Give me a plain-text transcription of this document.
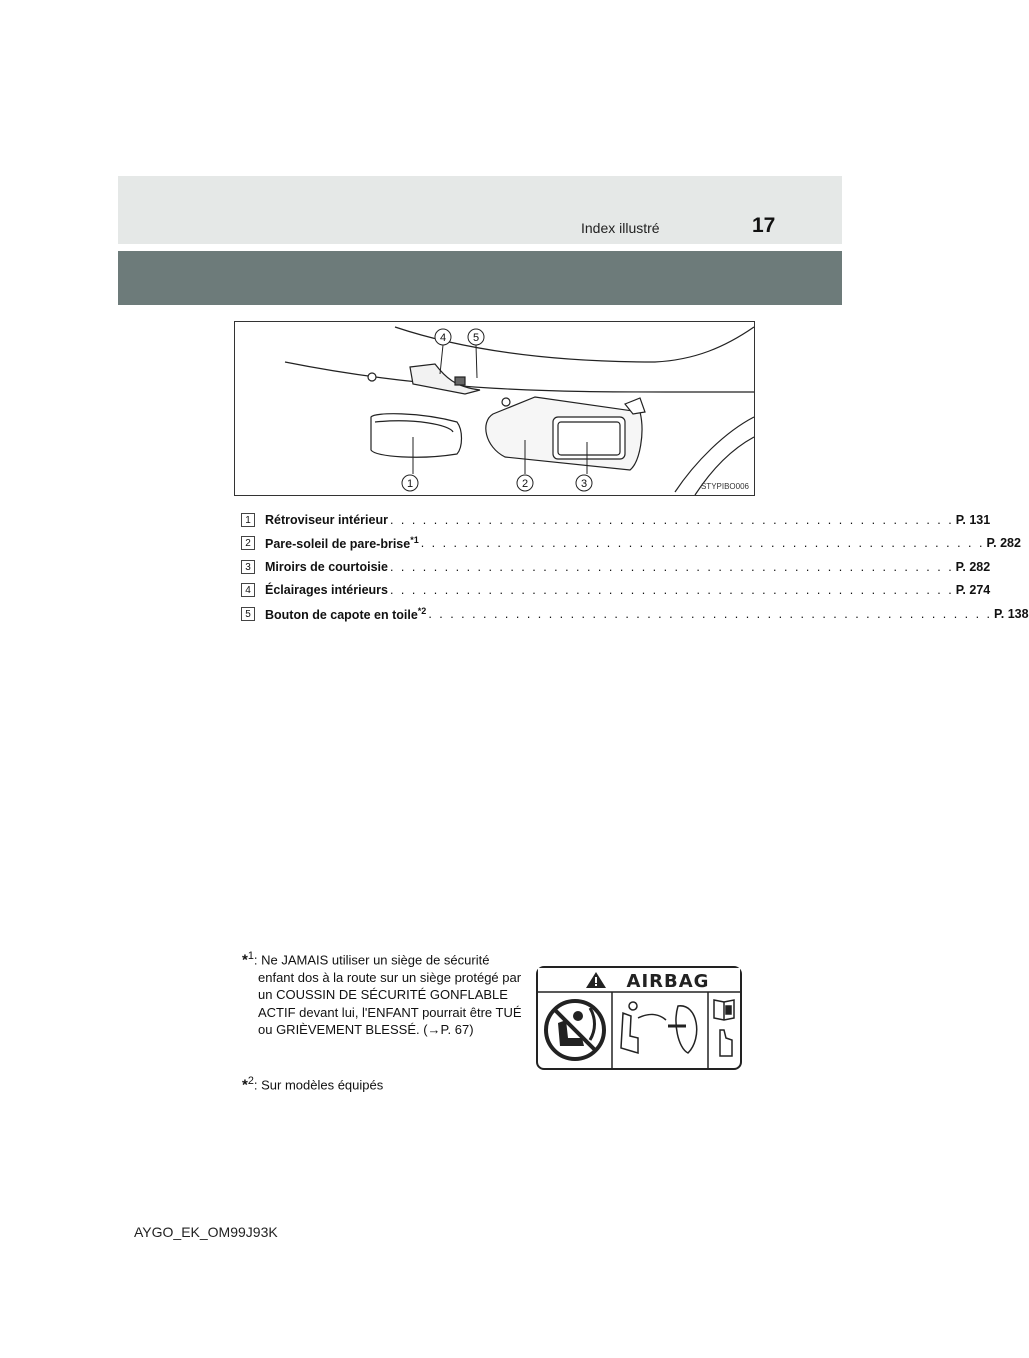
Index illustré	17
4 5
1	2	3	STYPIBO006
1	Rétroviseur intérieur . . . . . . . . . . . . . . . . . . . . . . . . . . . . . . . . . . . . . . . . . . . . . . . . . . . . P. 131
2	Pare-soleil de pare-brise$^{*1}$ . . . . . . . . . . . . . . . . . . . . . . . . . . . . . . . . . . . . . . . . . . . . . . . . . . . . P. 282
3	Miroirs de courtoisie . . . . . . . . . . . . . . . . . . . . . . . . . . . . . . . . . . . . . . . . . . . . . . . . . . . . P. 282
4	Éclairages intérieurs . . . . . . . . . . . . . . . . . . . . . . . . . . . . . . . . . . . . . . . . . . . . . . . . . . . . P. 274
5	Bouton de capote en toile$^{*2}$ . . . . . . . . . . . . . . . . . . . . . . . . . . . . . . . . . . . . . . . . . . . . . . . . . . . . P. 138
*$^1$: Ne JAMAIS utiliser un siège de sécurité
enfant dos à la route sur un siège protégé par un COUSSIN DE SÉCURITÉ GONFLABLE ACTIF devant lui, l'ENFANT pourrait être TUÉ ou GRIÈVEMENT BLESSÉ. (→P. 67)
AIRBAG
*$^2$: Sur modèles équipés
AYGO_EK_OM99J93K
